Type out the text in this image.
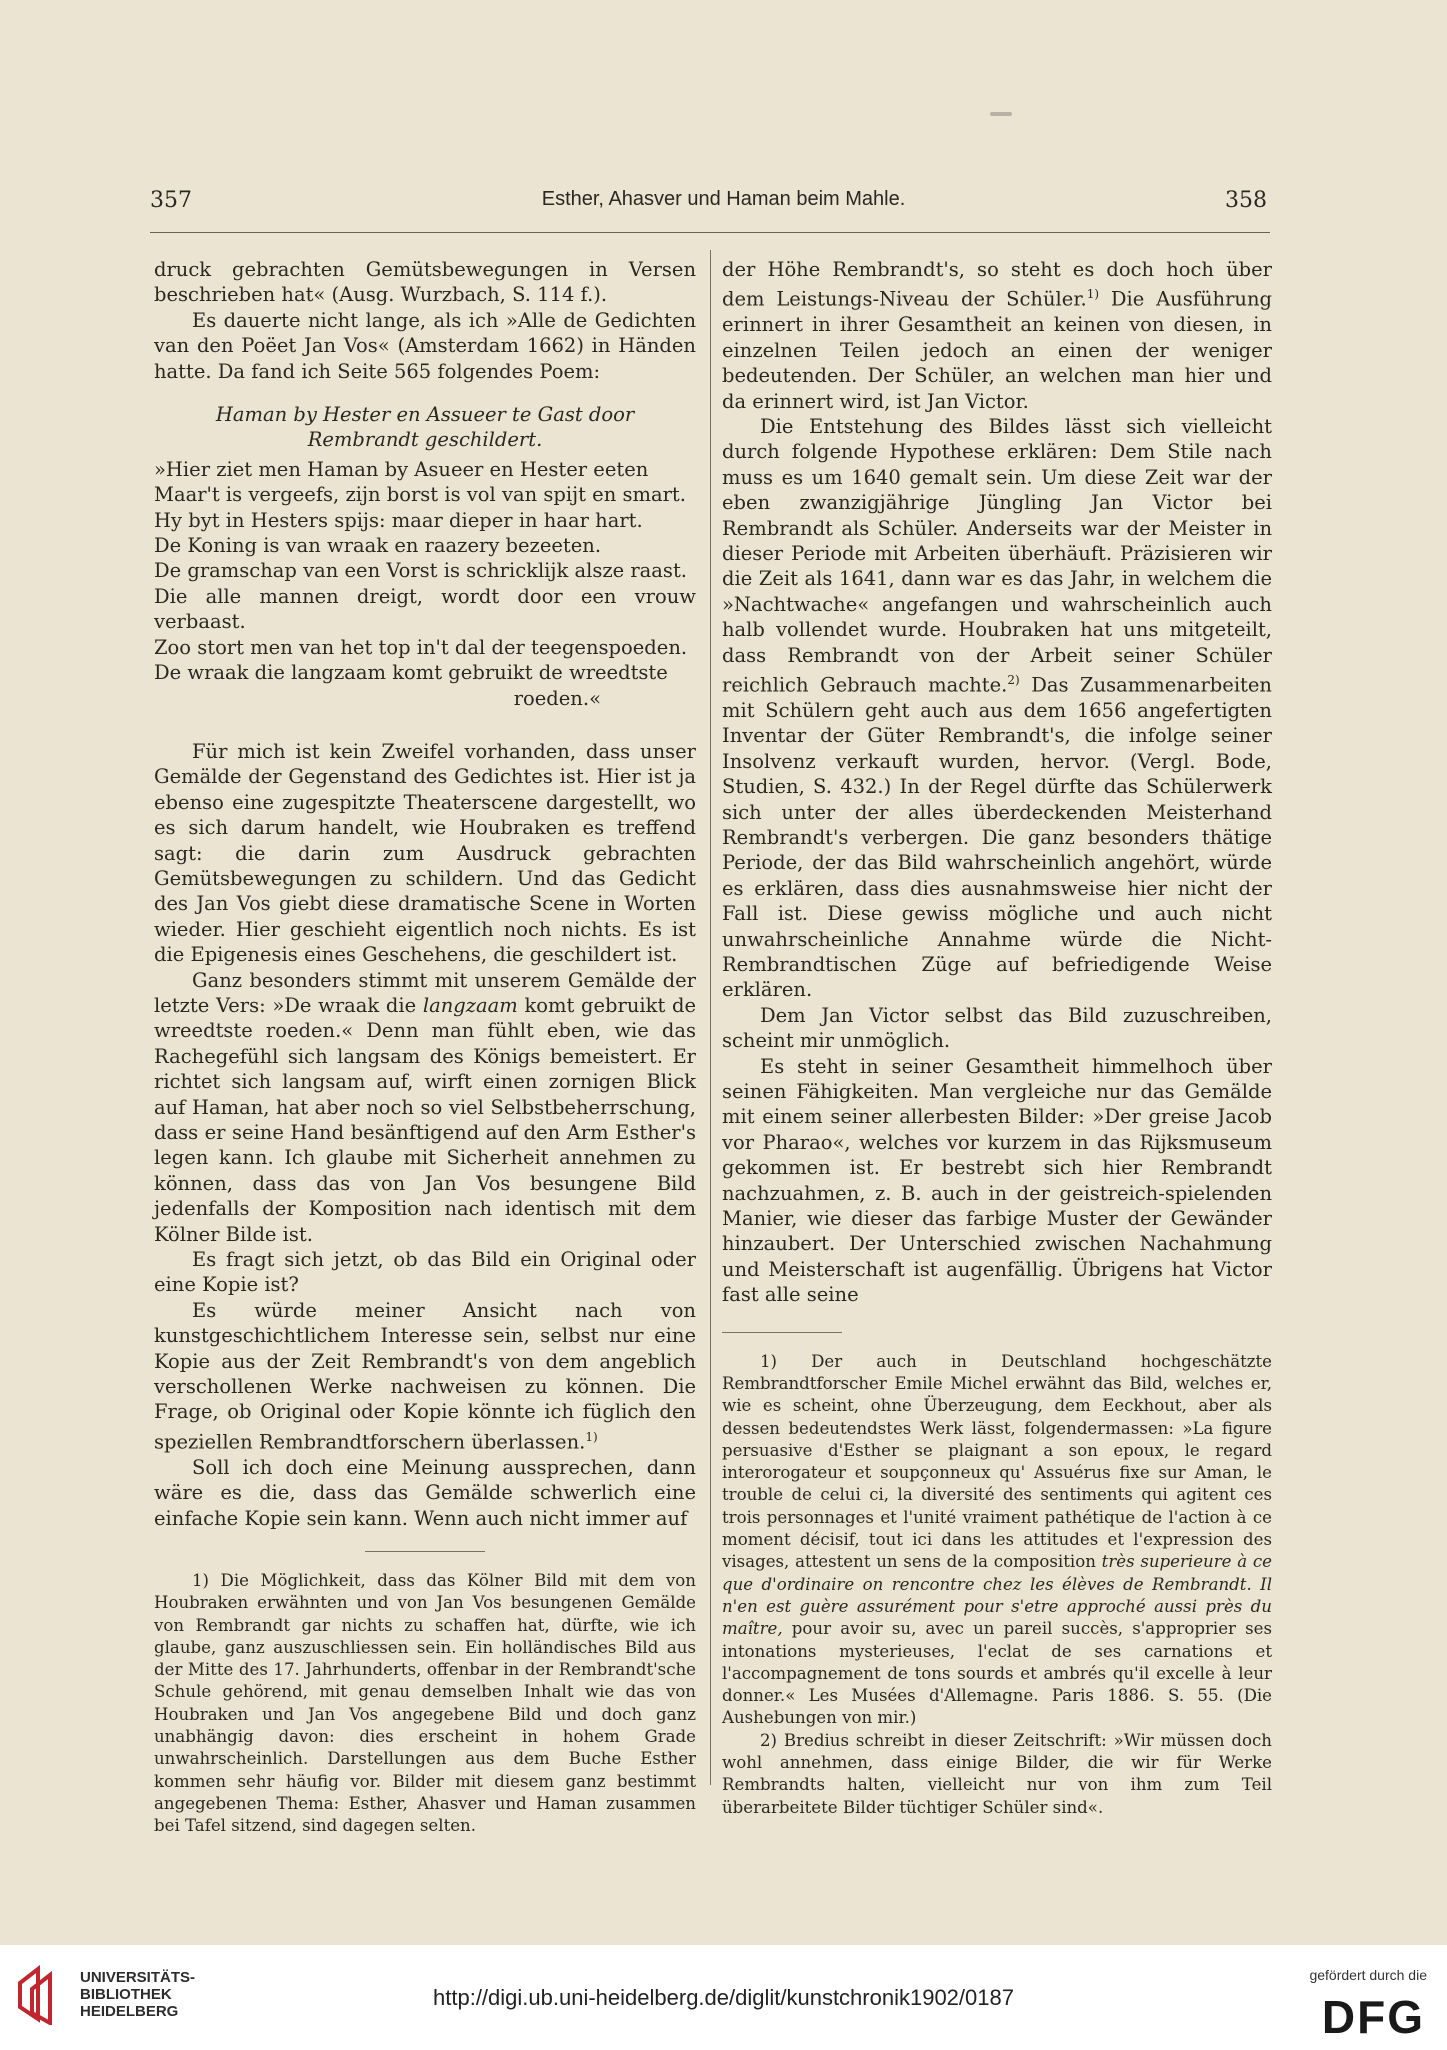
357	Esther, Ahasver und Haman beim Mahle.	358

druck gebrachten Gemütsbewegungen in Versen beschrieben hat« (Ausg. Wurzbach, S. 114 f.).

Es dauerte nicht lange, als ich »Alle de Gedichten van den Poëet Jan Vos« (Amsterdam 1662) in Händen hatte. Da fand ich Seite 565 folgendes Poem:

Haman by Hester en Assueer te Gast door
Rembrandt geschildert.
»Hier ziet men Haman by Asueer en Hester eeten
Maar't is vergeefs, zijn borst is vol van spijt en smart.
Hy byt in Hesters spijs: maar dieper in haar hart.
De Koning is van wraak en raazery bezeeten.
De gramschap van een Vorst is schricklijk alsze raast.
Die alle mannen dreigt, wordt door een vrouw verbaast.
Zoo stort men van het top in't dal der teegenspoeden.
De wraak die langzaam komt gebruikt de wreedtste
roeden.«

Für mich ist kein Zweifel vorhanden, dass unser Gemälde der Gegenstand des Gedichtes ist. Hier ist ja ebenso eine zugespitzte Theaterscene dargestellt, wo es sich darum handelt, wie Houbraken es treffend sagt: die darin zum Ausdruck gebrachten Gemütsbewegungen zu schildern. Und das Gedicht des Jan Vos giebt diese dramatische Scene in Worten wieder. Hier geschieht eigentlich noch nichts. Es ist die Epigenesis eines Geschehens, die geschildert ist.

Ganz besonders stimmt mit unserem Gemälde der letzte Vers: »De wraak die langzaam komt gebruikt de wreedtste roeden.« Denn man fühlt eben, wie das Rachegefühl sich langsam des Königs bemeistert. Er richtet sich langsam auf, wirft einen zornigen Blick auf Haman, hat aber noch so viel Selbstbeherrschung, dass er seine Hand besänftigend auf den Arm Esther's legen kann. Ich glaube mit Sicherheit annehmen zu können, dass das von Jan Vos besungene Bild jedenfalls der Komposition nach identisch mit dem Kölner Bilde ist.

Es fragt sich jetzt, ob das Bild ein Original oder eine Kopie ist?

Es würde meiner Ansicht nach von kunstgeschichtlichem Interesse sein, selbst nur eine Kopie aus der Zeit Rembrandt's von dem angeblich verschollenen Werke nachweisen zu können. Die Frage, ob Original oder Kopie könnte ich füglich den speziellen Rembrandtforschern überlassen.$^{1)}$

Soll ich doch eine Meinung aussprechen, dann wäre es die, dass das Gemälde schwerlich eine einfache Kopie sein kann. Wenn auch nicht immer auf

1) Die Möglichkeit, dass das Kölner Bild mit dem von Houbraken erwähnten und von Jan Vos besungenen Gemälde von Rembrandt gar nichts zu schaffen hat, dürfte, wie ich glaube, ganz auszuschliessen sein. Ein holländisches Bild aus der Mitte des 17. Jahrhunderts, offenbar in der Rembrandt'sche Schule gehörend, mit genau demselben Inhalt wie das von Houbraken und Jan Vos angegebene Bild und doch ganz unabhängig davon: dies erscheint in hohem Grade unwahrscheinlich. Darstellungen aus dem Buche Esther kommen sehr häufig vor. Bilder mit diesem ganz bestimmt angegebenen Thema: Esther, Ahasver und Haman zusammen bei Tafel sitzend, sind dagegen selten.

der Höhe Rembrandt's, so steht es doch hoch über dem Leistungs-Niveau der Schüler.$^{1)}$ Die Ausführung erinnert in ihrer Gesamtheit an keinen von diesen, in einzelnen Teilen jedoch an einen der weniger bedeutenden. Der Schüler, an welchen man hier und da erinnert wird, ist Jan Victor.

Die Entstehung des Bildes lässt sich vielleicht durch folgende Hypothese erklären: Dem Stile nach muss es um 1640 gemalt sein. Um diese Zeit war der eben zwanzigjährige Jüngling Jan Victor bei Rembrandt als Schüler. Anderseits war der Meister in dieser Periode mit Arbeiten überhäuft. Präzisieren wir die Zeit als 1641, dann war es das Jahr, in welchem die »Nachtwache« angefangen und wahrscheinlich auch halb vollendet wurde. Houbraken hat uns mitgeteilt, dass Rembrandt von der Arbeit seiner Schüler reichlich Gebrauch machte.$^{2)}$ Das Zusammenarbeiten mit Schülern geht auch aus dem 1656 angefertigten Inventar der Güter Rembrandt's, die infolge seiner Insolvenz verkauft wurden, hervor. (Vergl. Bode, Studien, S. 432.) In der Regel dürfte das Schülerwerk sich unter der alles überdeckenden Meisterhand Rembrandt's verbergen. Die ganz besonders thätige Periode, der das Bild wahrscheinlich angehört, würde es erklären, dass dies ausnahmsweise hier nicht der Fall ist. Diese gewiss mögliche und auch nicht unwahrscheinliche Annahme würde die Nicht-Rembrandtischen Züge auf befriedigende Weise erklären.

Dem Jan Victor selbst das Bild zuzuschreiben, scheint mir unmöglich.

Es steht in seiner Gesamtheit himmelhoch über seinen Fähigkeiten. Man vergleiche nur das Gemälde mit einem seiner allerbesten Bilder: »Der greise Jacob vor Pharao«, welches vor kurzem in das Rijksmuseum gekommen ist. Er bestrebt sich hier Rembrandt nachzuahmen, z. B. auch in der geistreich-spielenden Manier, wie dieser das farbige Muster der Gewänder hinzaubert. Der Unterschied zwischen Nachahmung und Meisterschaft ist augenfällig. Übrigens hat Victor fast alle seine

1) Der auch in Deutschland hochgeschätzte Rembrandtforscher Emile Michel erwähnt das Bild, welches er, wie es scheint, ohne Überzeugung, dem Eeckhout, aber als dessen bedeutendstes Werk lässt, folgendermassen: »La figure persuasive d'Esther se plaignant a son epoux, le regard interorogateur et soupçonneux qu' Assuérus fixe sur Aman, le trouble de celui ci, la diversité des sentiments qui agitent ces trois personnages et l'unité vraiment pathétique de l'action à ce moment décisif, tout ici dans les attitudes et l'expression des visages, attestent un sens de la composition très superieure à ce que d'ordinaire on rencontre chez les élèves de Rembrandt. Il n'en est guère assurément pour s'etre approché aussi près du maître, pour avoir su, avec un pareil succès, s'approprier ses intonations mysterieuses, l'eclat de ses carnations et l'accompagnement de tons sourds et ambrés qu'il excelle à leur donner.« Les Musées d'Allemagne. Paris 1886. S. 55. (Die Aushebungen von mir.)

2) Bredius schreibt in dieser Zeitschrift: »Wir müssen doch wohl annehmen, dass einige Bilder, die wir für Werke Rembrandts halten, vielleicht nur von ihm zum Teil überarbeitete Bilder tüchtiger Schüler sind«.

UNIVERSITÄTS-
BIBLIOTHEK
HEIDELBERG
http://digi.ub.uni-heidelberg.de/diglit/kunstchronik1902/0187
gefördert durch die
DFG
